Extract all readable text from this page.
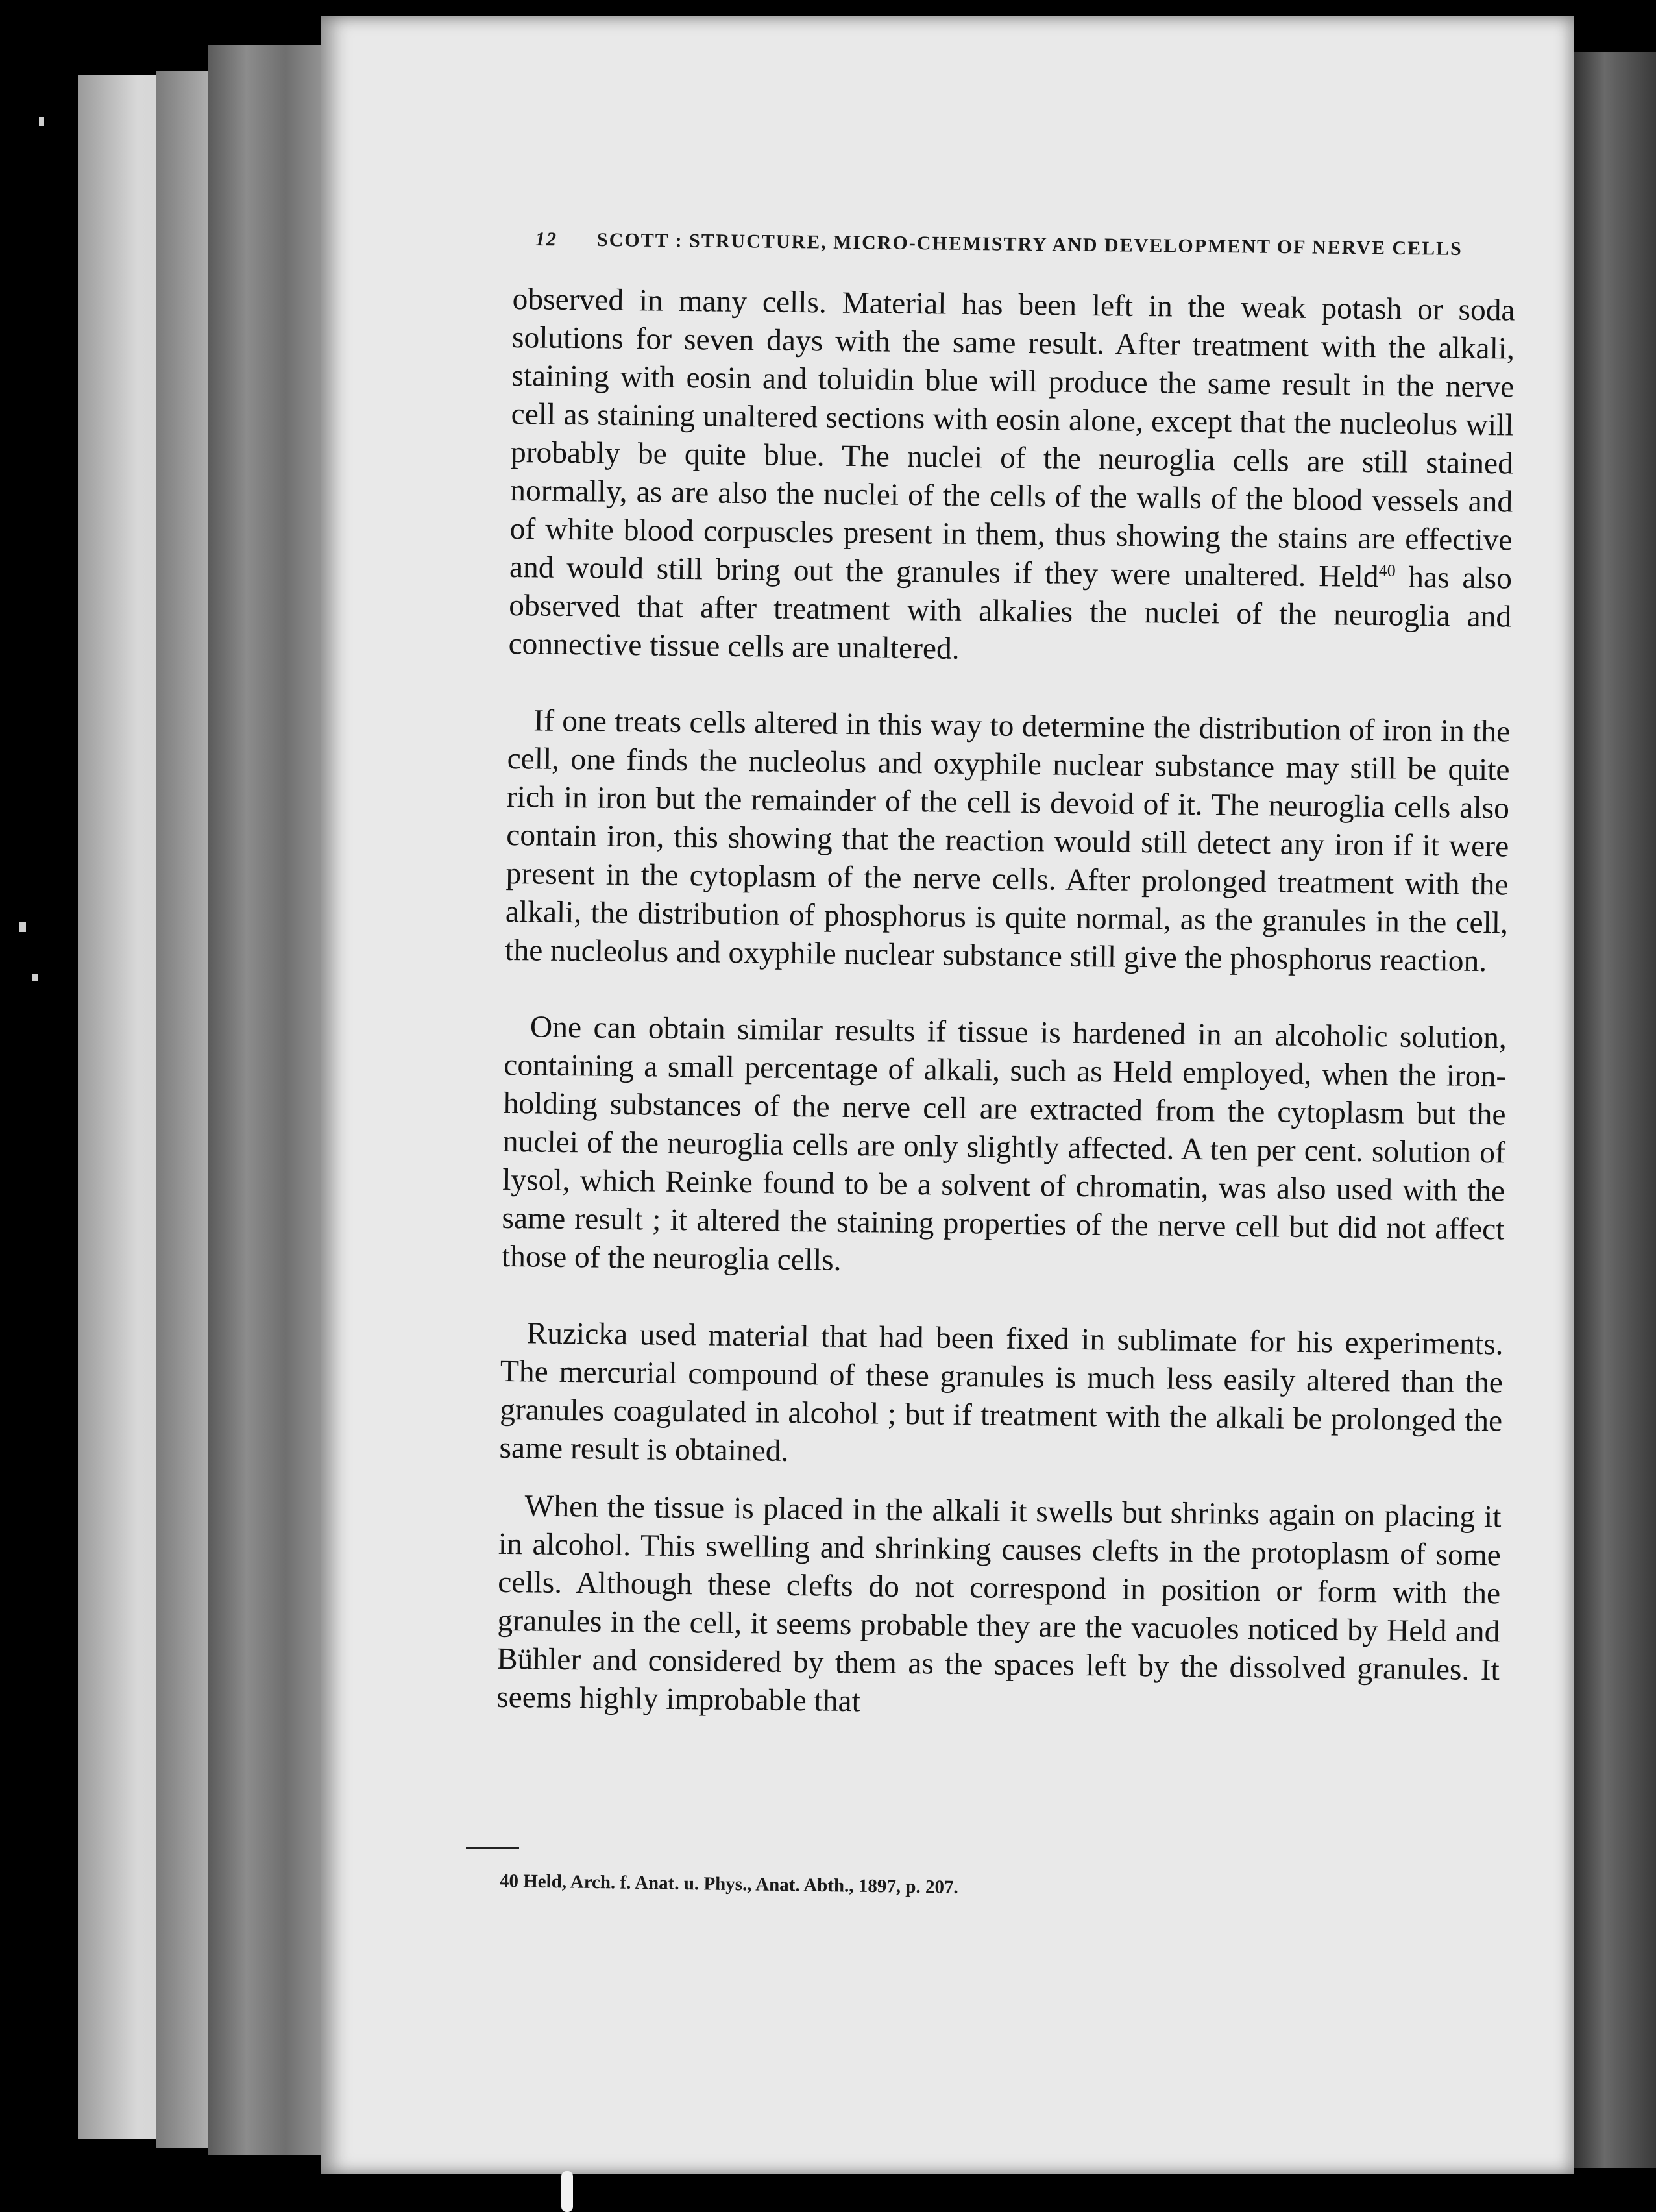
12 SCOTT : STRUCTURE, MICRO-CHEMISTRY AND DEVELOPMENT OF NERVE CELLS

observed in many cells. Material has been left in the weak potash or soda solutions for seven days with the same result. After treatment with the alkali, staining with eosin and toluidin blue will produce the same result in the nerve cell as staining unaltered sections with eosin alone, except that the nucleolus will probably be quite blue. The nuclei of the neuroglia cells are still stained normally, as are also the nuclei of the cells of the walls of the blood vessels and of white blood corpuscles present in them, thus showing the stains are effective and would still bring out the granules if they were unaltered. Held$^{40}$ has also observed that after treatment with alkalies the nuclei of the neuroglia and connective tissue cells are unaltered.

If one treats cells altered in this way to determine the distribution of iron in the cell, one finds the nucleolus and oxyphile nuclear substance may still be quite rich in iron but the remainder of the cell is devoid of it. The neuroglia cells also contain iron, this showing that the reaction would still detect any iron if it were present in the cytoplasm of the nerve cells. After prolonged treatment with the alkali, the distribution of phosphorus is quite normal, as the granules in the cell, the nucleolus and oxyphile nuclear substance still give the phosphorus reaction.

One can obtain similar results if tissue is hardened in an alcoholic solution, containing a small percentage of alkali, such as Held employed, when the iron-holding substances of the nerve cell are extracted from the cytoplasm but the nuclei of the neuroglia cells are only slightly affected. A ten per cent. solution of lysol, which Reinke found to be a solvent of chromatin, was also used with the same result ; it altered the staining properties of the nerve cell but did not affect those of the neuroglia cells.

Ruzicka used material that had been fixed in sublimate for his experiments. The mercurial compound of these granules is much less easily altered than the granules coagulated in alcohol ; but if treatment with the alkali be prolonged the same result is obtained.

When the tissue is placed in the alkali it swells but shrinks again on placing it in alcohol. This swelling and shrinking causes clefts in the protoplasm of some cells. Although these clefts do not correspond in position or form with the granules in the cell, it seems probable they are the vacuoles noticed by Held and Bühler and considered by them as the spaces left by the dissolved granules. It seems highly improbable that

40 Held, Arch. f. Anat. u. Phys., Anat. Abth., 1897, p. 207.
